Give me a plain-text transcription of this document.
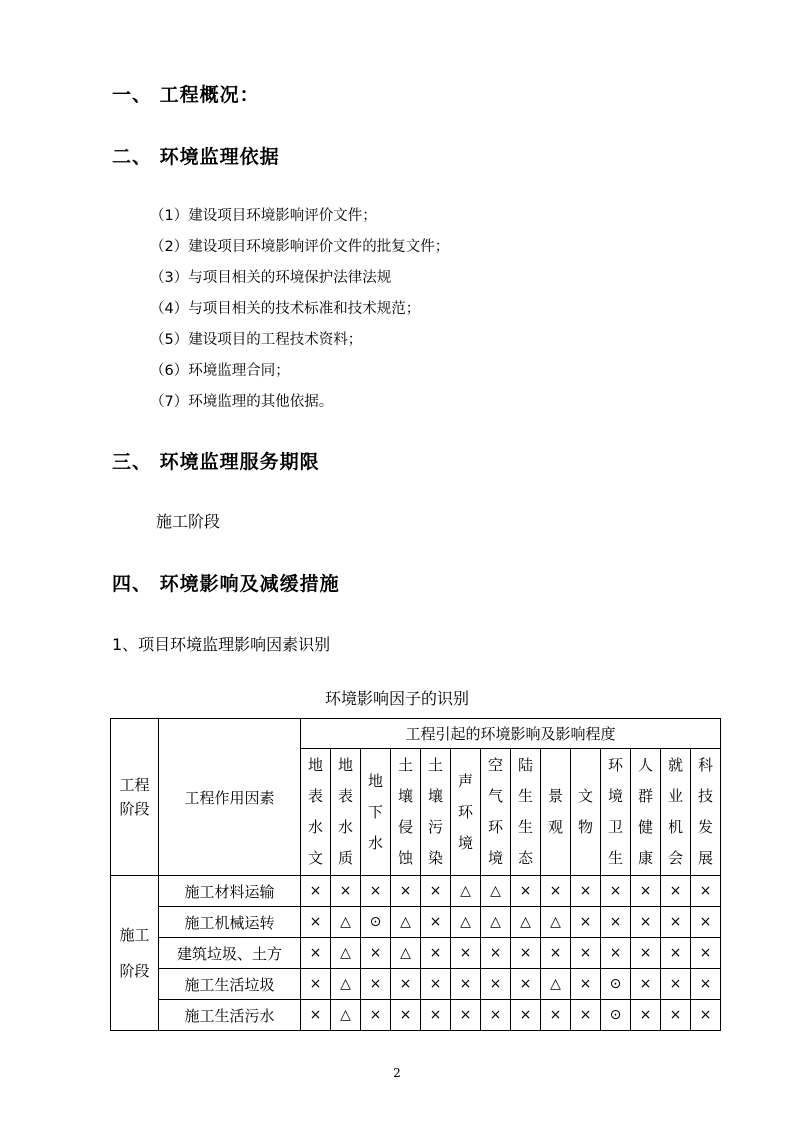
一、 工程概况：
二、 环境监理依据
（1）建设项目环境影响评价文件；
（2）建设项目环境影响评价文件的批复文件；
（3）与项目相关的环境保护法律法规
（4）与项目相关的技术标准和技术规范；
（5）建设项目的工程技术资料；
（6）环境监理合同；
（7）环境监理的其他依据。
三、 环境监理服务期限
施工阶段
四、 环境影响及减缓措施
1、项目环境监理影响因素识别
环境影响因子的识别
工程
阶段	工程作用因素	工程引起的环境影响及影响程度													

		地
表
水
文	地
表
水
质	地
下
水	土
壤
侵
蚀	土
壤
污
染	声
环
境	空
气
环
境	陆
生
生
态	景
观	文
物	环
境
卫
生	人
群
健
康	就
业
机
会	科
技
发
展

施工
阶段	施工材料运输	×	×	×	×	×	△	△	×	×	×	×	×	×	×
	施工机械运转	×	△	⊙	△	×	△	△	△	△	×	×	×	×	×
	建筑垃圾、土方	×	△	×	△	×	×	×	×	×	×	×	×	×	×
	施工生活垃圾	×	△	×	×	×	×	×	×	△	×	⊙	×	×	×
	施工生活污水	×	△	×	×	×	×	×	×	×	×	⊙	×	×	×
2
